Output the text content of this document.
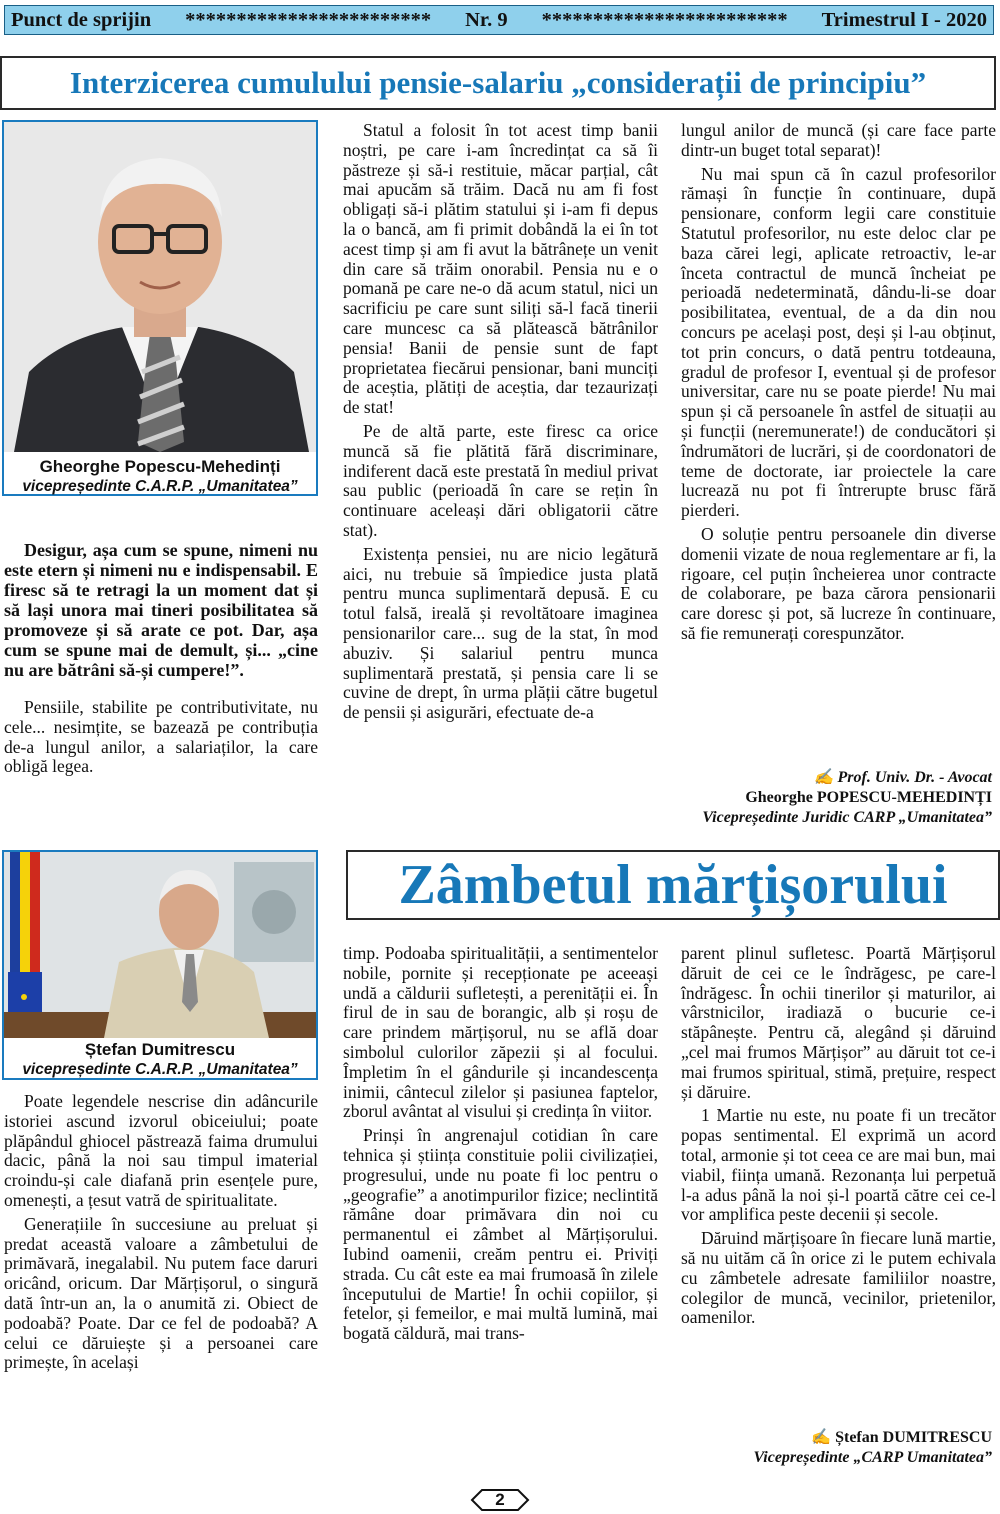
Punct de sprijin ************************ Nr. 9 ************************ Trimestrul I - 2020
Interzicerea cumulului pensie-salariu „considerații de principiu”
Gheorghe Popescu-Mehedinți
vicepreședinte C.A.R.P. „Umanitatea”

Desigur, așa cum se spune, nimeni nu este etern și nimeni nu e indispensabil. E firesc să te retragi la un moment dat și să lași unora mai tineri posibilitatea să promoveze și să arate ce pot. Dar, așa cum se spune mai de demult, și... „cine nu are bătrâni să-și cumpere!”.

Pensiile, stabilite pe contributivitate, nu cele... nesimțite, se bazează pe contribuția de-a lungul anilor, a salariaților, la care obligă legea.

Statul a folosit în tot acest timp banii noștri, pe care i-am încredințat ca să îi păstreze și să-i restituie, măcar parțial, cât mai apucăm să trăim. Dacă nu am fi fost obligați să-i plătim statului și i-am fi depus la o bancă, am fi primit dobândă la ei în tot acest timp și am fi avut la bătrânețe un venit din care să trăim onorabil. Pensia nu e o pomană pe care ne-o dă acum statul, nici un sacrificiu pe care sunt siliți să-l facă tinerii care muncesc ca să plătească bătrânilor pensia! Banii de pensie sunt de fapt proprietatea fiecărui pensionar, bani munciți de aceștia, plătiți de aceștia, dar tezaurizați de stat!

Pe de altă parte, este firesc ca orice muncă să fie plătită fără discriminare, indiferent dacă este prestată în mediul privat sau public (perioadă în care se rețin în continuare aceleași dări obligatorii către stat).

Existența pensiei, nu are nicio legătură aici, nu trebuie să împiedice justa plată pentru munca suplimentară depusă. E cu totul falsă, ireală și revoltătoare imaginea pensionarilor care... sug de la stat, în mod abuziv. Și salariul pentru munca suplimentară prestată, și pensia care li se cuvine de drept, în urma plății către bugetul de pensii și asigurări, efectuate de-a

lungul anilor de muncă (și care face parte dintr-un buget total separat)!

Nu mai spun că în cazul profesorilor rămași în funcție în continuare, după pensionare, conform legii care constituie Statutul profesorilor, nu este deloc clar pe baza cărei legi, aplicate retroactiv, le-ar înceta contractul de muncă încheiat pe perioadă nedeterminată, dându-li-se doar posibilitatea, eventual, de a da din nou concurs pe același post, deși și l-au obținut, tot prin concurs, o dată pentru totdeauna, gradul de profesor I, eventual și de profesor universitar, care nu se poate pierde! Nu mai spun și că persoanele în astfel de situații au și funcții (neremunerate!) de conducători și îndrumători de lucrări, și de coordonatori de teme de doctorate, iar proiectele la care lucrează nu pot fi întrerupte brusc fără pierderi.

O soluție pentru persoanele din diverse domenii vizate de noua reglementare ar fi, la rigoare, cel puțin încheierea unor contracte de colaborare, pe baza cărora pensionarii care doresc și pot, să lucreze în continuare, să fie remunerați corespunzător.

✍ Prof. Univ. Dr. - Avocat
Gheorghe POPESCU-MEHEDINȚI
Vicepreședinte Juridic CARP „Umanitatea”
Ștefan Dumitrescu
vicepreședinte C.A.R.P. „Umanitatea”
Zâmbetul mărțișorului

Poate legendele nescrise din adâncurile istoriei ascund izvorul obiceiului; poate plăpândul ghiocel păstrează faima drumului dacic, până la noi sau timpul imaterial croindu-și cale diafană prin esențele pure, omenești, a țesut vatră de spiritualitate.

Generațiile în succesiune au preluat și predat această valoare a zâmbetului de primăvară, inegalabil. Nu putem face daruri oricând, oricum. Dar Mărțișorul, o singură dată într-un an, la o anumită zi. Obiect de podoabă? Poate. Dar ce fel de podoabă? A celui ce dăruiește și a persoanei care primește, în același

timp. Podoaba spiritualității, a sentimentelor nobile, pornite și recepționate pe aceeași undă a căldurii sufletești, a perenității ei. În firul de in sau de borangic, alb și roșu de care prindem mărțișorul, nu se află doar simbolul culorilor zăpezii și al focului. Împletim în el gândurile și incandescența inimii, cântecul zilelor și pasiunea faptelor, zborul avântat al visului și credința în viitor.

Prinși în angrenajul cotidian în care tehnica și știința constituie polii civilizației, progresului, unde nu poate fi loc pentru o „geografie” a anotimpurilor fizice; neclintită rămâne doar primăvara din noi cu permanentul ei zâmbet al Mărțișorului. Iubind oamenii, creăm pentru ei. Priviți strada. Cu cât este ea mai frumoasă în zilele începutului de Martie! În ochii copiilor, și fetelor, și femeilor, e mai multă lumină, mai bogată căldură, mai trans-

parent plinul sufletesc. Poartă Mărțișorul dăruit de cei ce le îndrăgesc, pe care-l îndrăgesc. În ochii tinerilor și maturilor, ai vârstnicilor, iradiază o bucurie ce-i stăpânește. Pentru că, alegând și dăruind „cel mai frumos Mărțișor” au dăruit tot ce-i mai frumos spiritual, stimă, prețuire, respect și dăruire.

1 Martie nu este, nu poate fi un trecător popas sentimental. El exprimă un acord total, armonie și tot ceea ce are mai bun, mai viabil, ființa umană. Rezonanța lui perpetuă l-a adus până la noi și-l poartă către cei ce-l vor amplifica peste decenii și secole.

Dăruind mărțișoare în fiecare lună martie, să nu uităm că în orice zi le putem echivala cu zâmbetele adresate familiilor noastre, colegilor de muncă, vecinilor, prietenilor, oamenilor.

✍ Ștefan DUMITRESCU
Vicepreședinte „CARP Umanitatea”
2
